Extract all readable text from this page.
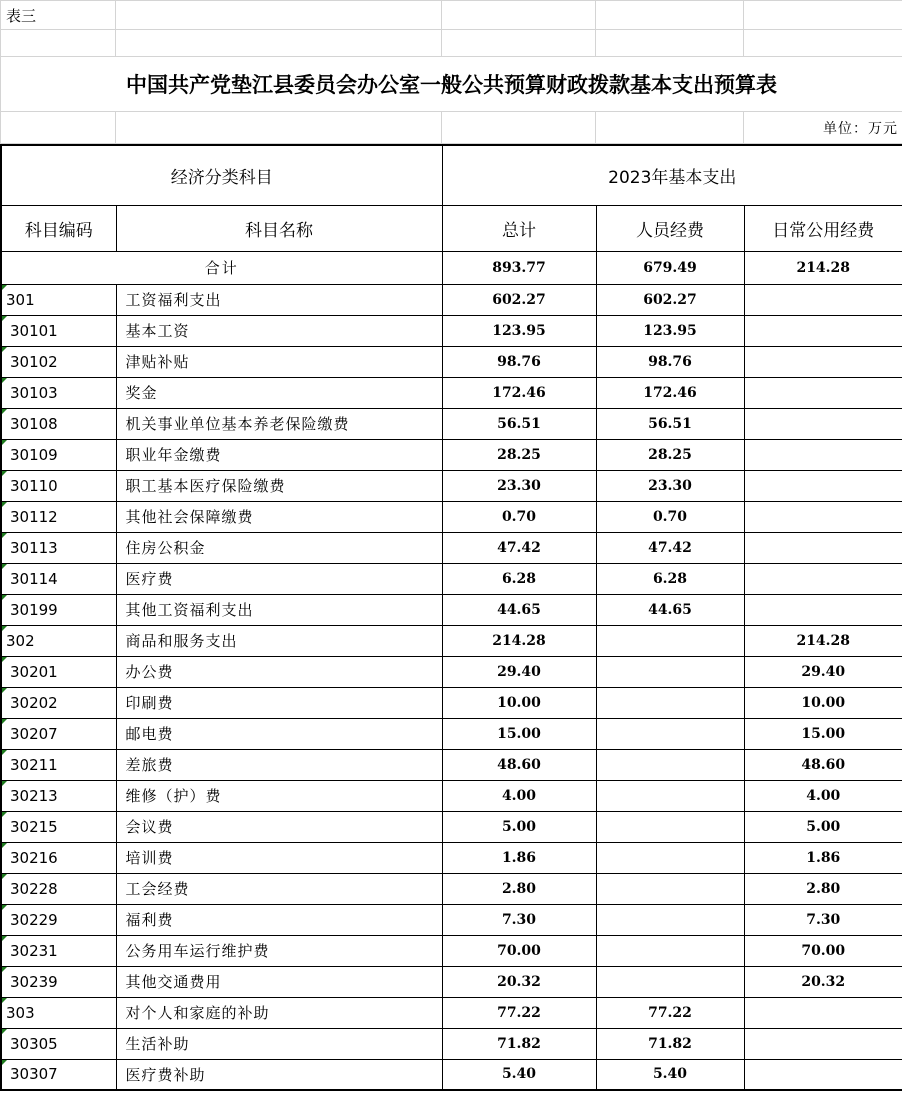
表三				

中国共产党垫江县委员会办公室一般公共预算财政拨款基本支出预算表				
				单位：万元
经济分类科目		2023年基本支出		
科目编码	科目名称	总计	人员经费	日常公用经费
合计		893.77	679.49	214.28
301	工资福利支出	602.27	602.27	
30101	基本工资	123.95	123.95	
30102	津贴补贴	98.76	98.76	
30103	奖金	172.46	172.46	
30108	机关事业单位基本养老保险缴费	56.51	56.51	
30109	职业年金缴费	28.25	28.25	
30110	职工基本医疗保险缴费	23.30	23.30	
30112	其他社会保障缴费	0.70	0.70	
30113	住房公积金	47.42	47.42	
30114	医疗费	6.28	6.28	
30199	其他工资福利支出	44.65	44.65	
302	商品和服务支出	214.28		214.28
30201	办公费	29.40		29.40
30202	印刷费	10.00		10.00
30207	邮电费	15.00		15.00
30211	差旅费	48.60		48.60
30213	维修（护）费	4.00		4.00
30215	会议费	5.00		5.00
30216	培训费	1.86		1.86
30228	工会经费	2.80		2.80
30229	福利费	7.30		7.30
30231	公务用车运行维护费	70.00		70.00
30239	其他交通费用	20.32		20.32
303	对个人和家庭的补助	77.22	77.22	
30305	生活补助	71.82	71.82	
30307	医疗费补助	5.40	5.40	
